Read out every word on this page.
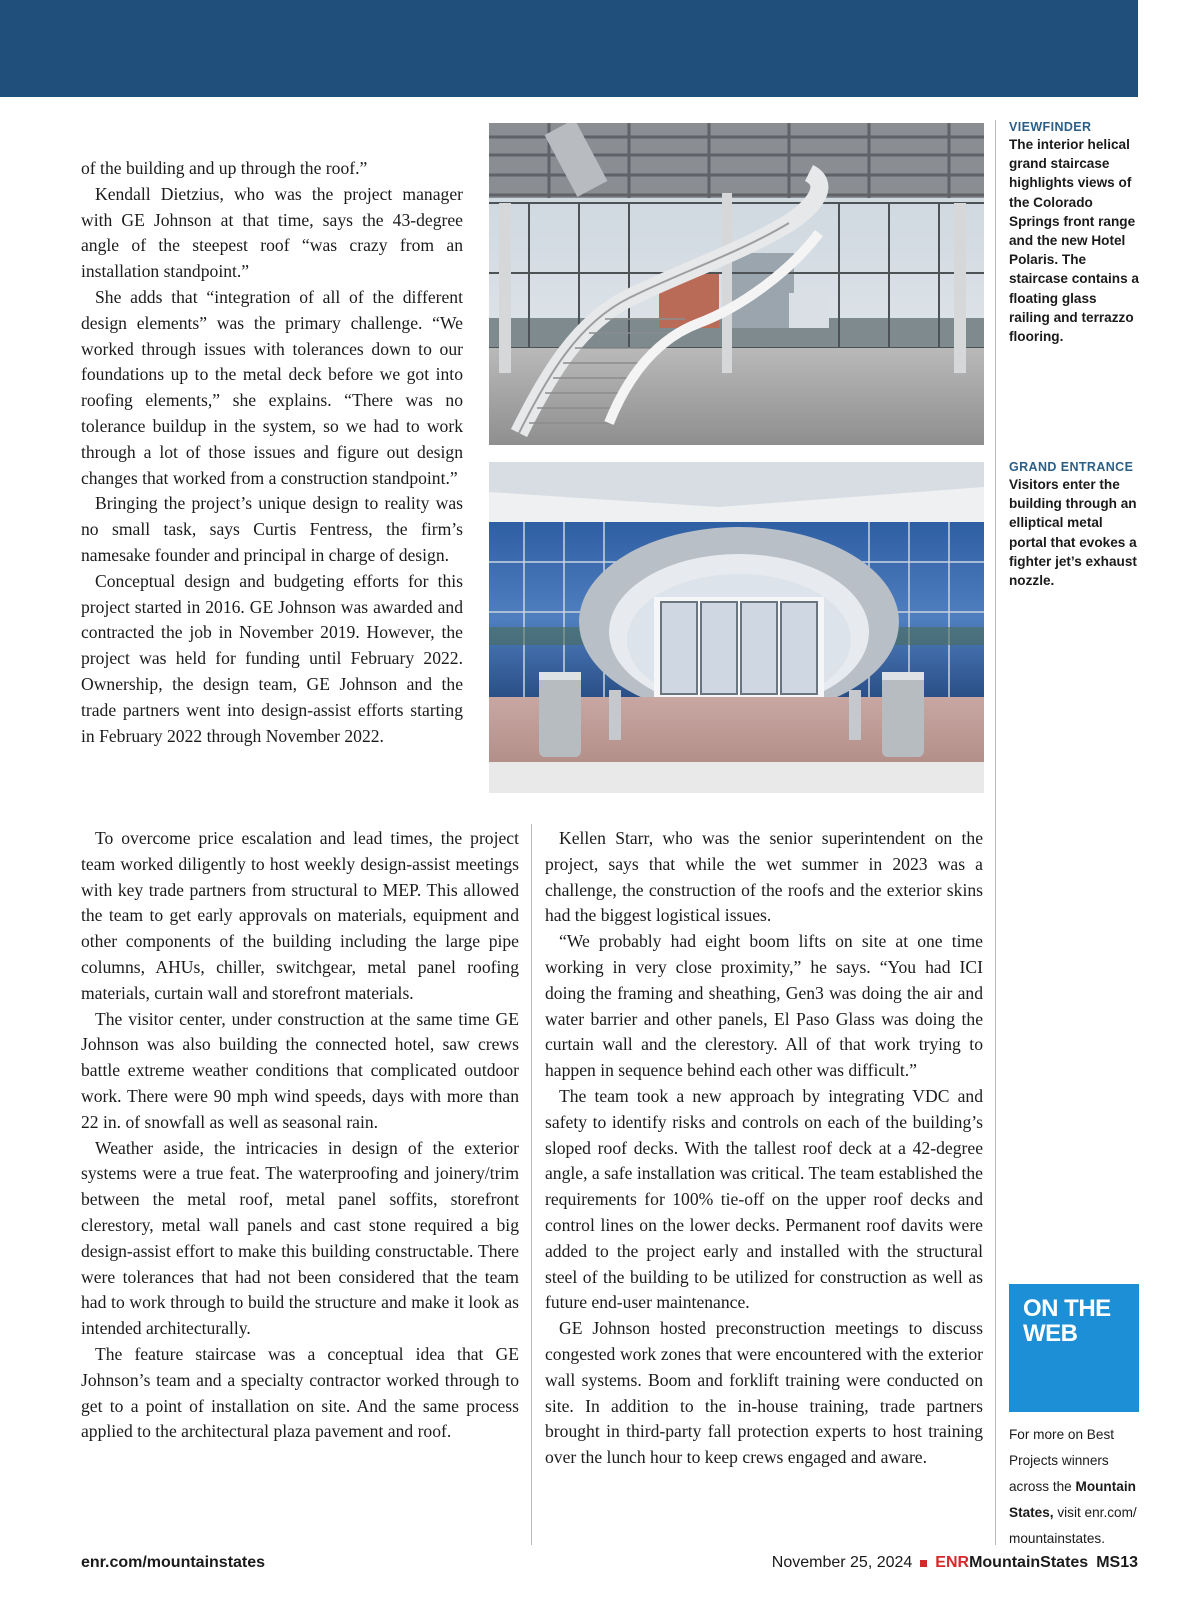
of the building and up through the roof.”

Kendall Dietzius, who was the project manager with GE Johnson at that time, says the 43-degree angle of the steepest roof “was crazy from an installation standpoint.”

She adds that “integration of all of the different design elements” was the primary challenge. “We worked through issues with tolerances down to our foundations up to the metal deck before we got into roofing elements,” she explains. “There was no tolerance buildup in the system, so we had to work through a lot of those issues and figure out design changes that worked from a construction standpoint.”

Bringing the project’s unique design to reality was no small task, says Curtis Fentress, the firm’s namesake founder and principal in charge of design.

Conceptual design and budgeting efforts for this project started in 2016. GE Johnson was awarded and contracted the job in November 2019. However, the project was held for funding until February 2022. Ownership, the design team, GE Johnson and the trade partners went into design-assist efforts starting in February 2022 through November 2022.

VIEWFINDER
The interior helical grand staircase highlights views of the Colorado Springs front range and the new Hotel Polaris. The staircase contains a floating glass railing and terrazzo flooring.
GRAND ENTRANCE
Visitors enter the building through an elliptical metal portal that evokes a fighter jet’s exhaust nozzle.

To overcome price escalation and lead times, the project team worked diligently to host weekly design-assist meetings with key trade partners from structural to MEP. This allowed the team to get early approvals on materials, equipment and other components of the building including the large pipe columns, AHUs, chiller, switchgear, metal panel roofing materials, curtain wall and storefront materials.

The visitor center, under construction at the same time GE Johnson was also building the connected hotel, saw crews battle extreme weather conditions that complicated outdoor work. There were 90 mph wind speeds, days with more than 22 in. of snowfall as well as seasonal rain.

Weather aside, the intricacies in design of the exterior systems were a true feat. The waterproofing and joinery/trim between the metal roof, metal panel soffits, storefront clerestory, metal wall panels and cast stone required a big design-assist effort to make this building constructable. There were tolerances that had not been considered that the team had to work through to build the structure and make it look as intended architecturally.

The feature staircase was a conceptual idea that GE Johnson’s team and a specialty contractor worked through to get to a point of installation on site. And the same process applied to the architectural plaza pavement and roof.

Kellen Starr, who was the senior superintendent on the project, says that while the wet summer in 2023 was a challenge, the construction of the roofs and the exterior skins had the biggest logistical issues.

“We probably had eight boom lifts on site at one time working in very close proximity,” he says. “You had ICI doing the framing and sheathing, Gen3 was doing the air and water barrier and other panels, El Paso Glass was doing the curtain wall and the clerestory. All of that work trying to happen in sequence behind each other was difficult.”

The team took a new approach by integrating VDC and safety to identify risks and controls on each of the building’s sloped roof decks. With the tallest roof deck at a 42-degree angle, a safe installation was critical. The team established the requirements for 100% tie-off on the upper roof decks and control lines on the lower decks. Permanent roof davits were added to the project early and installed with the structural steel of the building to be utilized for construction as well as future end-user maintenance.

GE Johnson hosted preconstruction meetings to discuss congested work zones that were encountered with the exterior wall systems. Boom and forklift training were conducted on site. In addition to the in-house training, trade partners brought in third-party fall protection experts to host training over the lunch hour to keep crews engaged and aware.

ON THE
WEB
For more on Best Projects winners across the Mountain States, visit enr.com/ mountainstates.
enr.com/mountainstates	November 25, 2024 ENRMountainStates MS13
